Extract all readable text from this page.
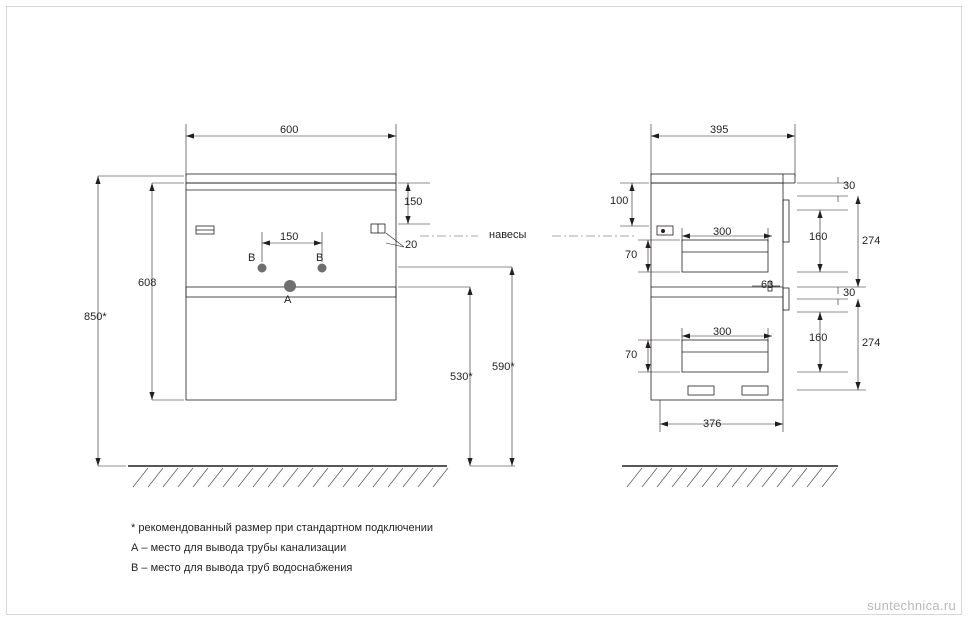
600
850*
608
150
150
20
530*
590*
B	B
A
навесы
395
100
70
300
70
300
63
376
30
160	274
30
160	274
* рекомендованный размер при стандартном подключении
А – место для вывода трубы канализации
В – место для вывода труб водоснабжения
suntechnica.ru
